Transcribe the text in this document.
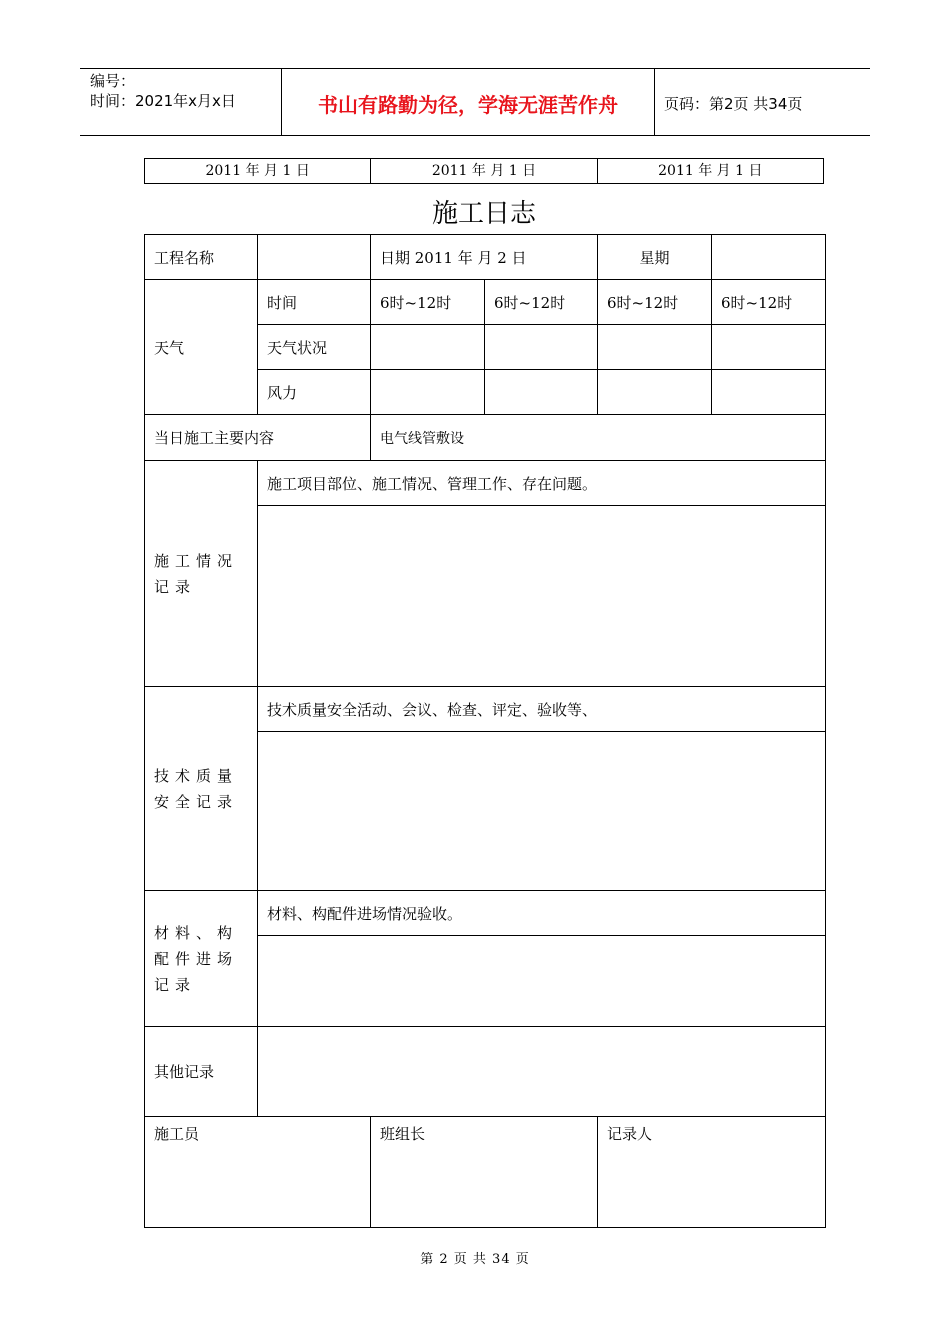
编号：
时间：2021年x月x日	书山有路勤为径，学海无涯苦作舟	页码：第2页 共34页
2011 年 月 1 日	2011 年 月 1 日	2011 年 月 1 日
施工日志
工程名称		日期 2011 年 月 2 日		星期	
天气	时间	6时~12时	6时~12时	6时~12时	6时~12时
	天气状况				
	风力				
当日施工主要内容		电气线管敷设			
施工情况记录	施工项目部位、施工情况、管理工作、存在问题。				

技术质量安全记录	技术质量安全活动、会议、检查、评定、验收等、				

材料、构配件进场记录	材料、构配件进场情况验收。				

其他记录					
施工员		班组长		记录人	
第 2 页 共 34 页
